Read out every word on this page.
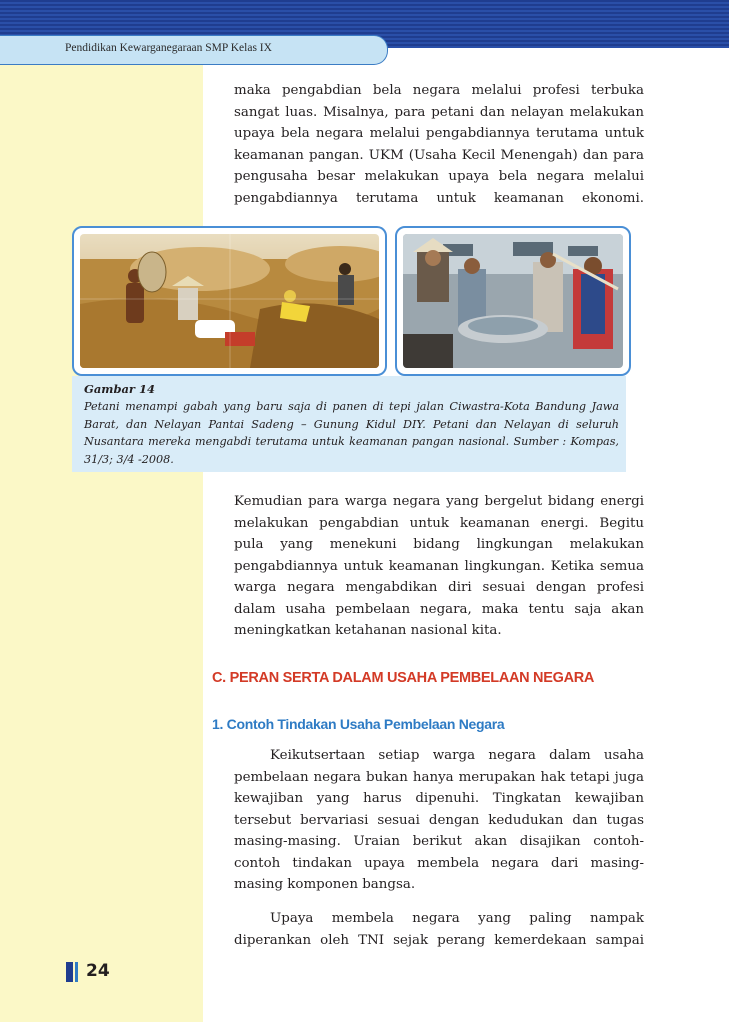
Pendidikan Kewarganegaraan SMP Kelas IX

maka pengabdian bela negara melalui profesi terbuka sangat luas. Misalnya, para petani dan nelayan melakukan upaya bela negara melalui pengabdiannya terutama untuk keamanan pangan. UKM (Usaha Kecil Menengah) dan para pengusaha besar melakukan upaya bela negara melalui pengabdiannya terutama untuk keamanan ekonomi.

Gambar 14

Petani menampi gabah yang baru saja di panen di tepi jalan Ciwastra-Kota Bandung Jawa Barat, dan Nelayan Pantai Sadeng – Gunung Kidul DIY. Petani dan Nelayan di seluruh Nusantara mereka mengabdi terutama untuk keamanan pangan nasional. Sumber : Kompas, 31/3; 3/4 -2008.

Kemudian para warga negara yang bergelut bidang energi melakukan pengabdian untuk keamanan energi. Begitu pula yang menekuni bidang lingkungan melakukan pengabdiannya untuk keamanan lingkungan. Ketika semua warga negara mengabdikan diri sesuai dengan profesi dalam usaha pembelaan negara, maka tentu saja akan meningkatkan ketahanan nasional kita.

C. PERAN SERTA DALAM USAHA PEMBELAAN NEGARA
1. Contoh Tindakan Usaha Pembelaan Negara

Keikutsertaan setiap warga negara dalam usaha pembelaan negara bukan hanya merupakan hak tetapi juga kewajiban yang harus dipenuhi. Tingkatan kewajiban tersebut bervariasi sesuai dengan kedudukan dan tugas masing-masing. Uraian berikut akan disajikan contoh-contoh tindakan upaya membela negara dari masing-masing komponen bangsa.

Upaya membela negara yang paling nampak diperankan oleh TNI sejak perang kemerdekaan sampai

24
